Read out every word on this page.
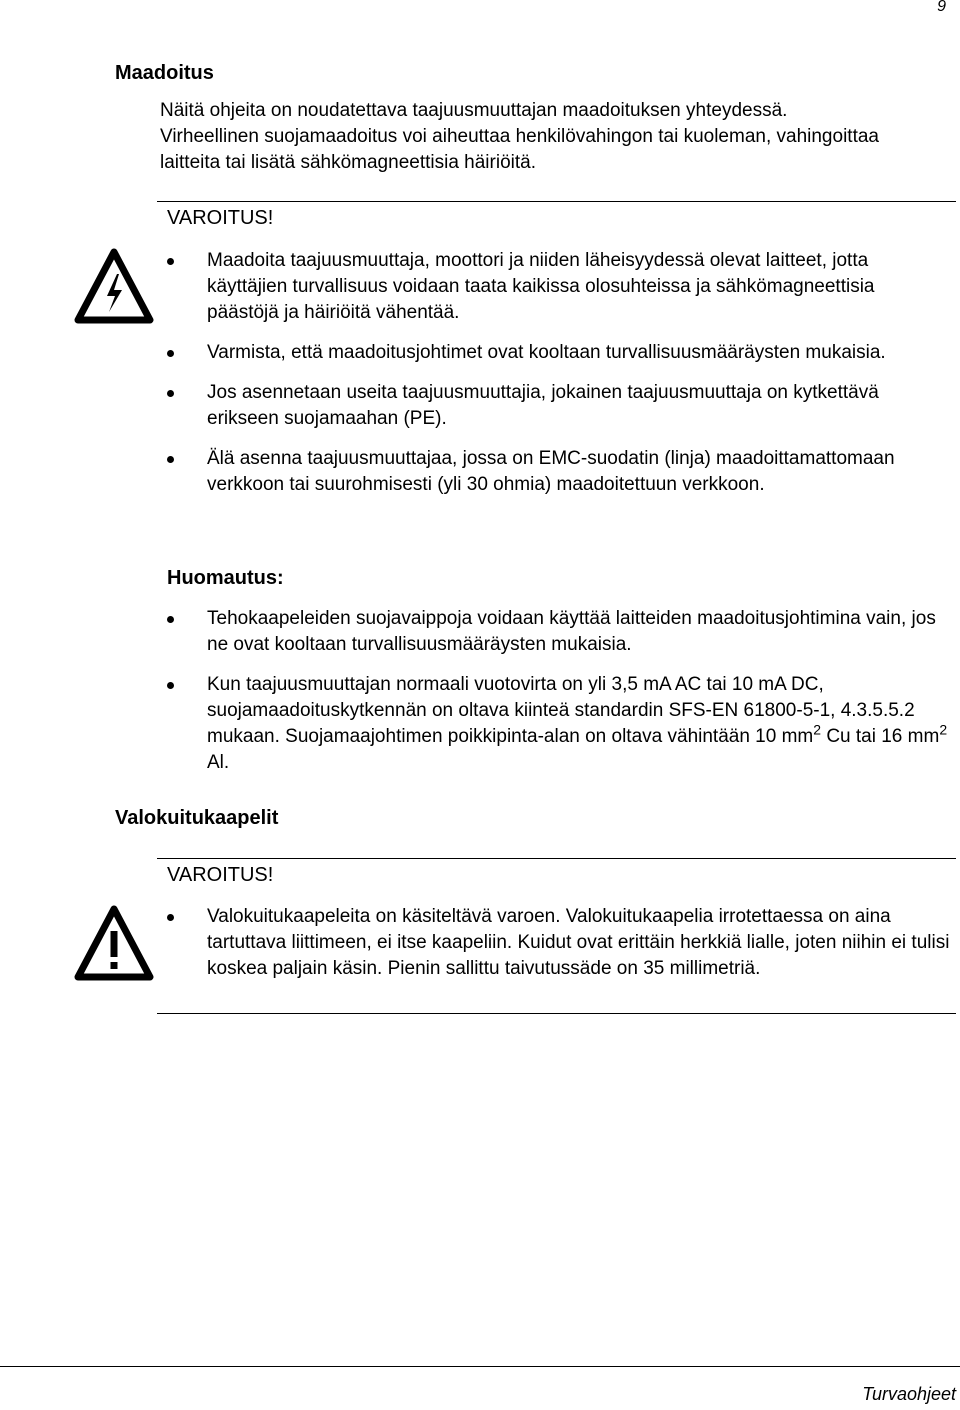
9
Maadoitus
Näitä ohjeita on noudatettava taajuusmuuttajan maadoituksen yhteydessä. Virheellinen suojamaadoitus voi aiheuttaa henkilövahingon tai kuoleman, vahingoittaa laitteita tai lisätä sähkömagneettisia häiriöitä.
VAROITUS!
Maadoita taajuusmuuttaja, moottori ja niiden läheisyydessä olevat laitteet, jotta käyttäjien turvallisuus voidaan taata kaikissa olosuhteissa ja sähkömagneettisia päästöjä ja häiriöitä vähentää.
Varmista, että maadoitusjohtimet ovat kooltaan turvallisuusmääräysten mukaisia.
Jos asennetaan useita taajuusmuuttajia, jokainen taajuusmuuttaja on kytkettävä erikseen suojamaahan (PE).
Älä asenna taajuusmuuttajaa, jossa on EMC-suodatin (linja) maadoittamattomaan verkkoon tai suurohmisesti (yli 30 ohmia) maadoitettuun verkkoon.
Huomautus:
Tehokaapeleiden suojavaippoja voidaan käyttää laitteiden maadoitusjohtimina vain, jos ne ovat kooltaan turvallisuusmääräysten mukaisia.
Kun taajuusmuuttajan normaali vuotovirta on yli 3,5 mA AC tai 10 mA DC, suojamaadoituskytkennän on oltava kiinteä standardin SFS-EN 61800-5-1, 4.3.5.5.2 mukaan. Suojamaajohtimen poikkipinta-alan on oltava vähintään 10 $mm^2$ Cu tai 16 $mm^2$ Al.
Valokuitukaapelit
VAROITUS!
Valokuitukaapeleita on käsiteltävä varoen. Valokuitukaapelia irrotettaessa on aina tartuttava liittimeen, ei itse kaapeliin. Kuidut ovat erittäin herkkiä lialle, joten niihin ei tulisi koskea paljain käsin. Pienin sallittu taivutussäde on 35 millimetriä.
Turvaohjeet
